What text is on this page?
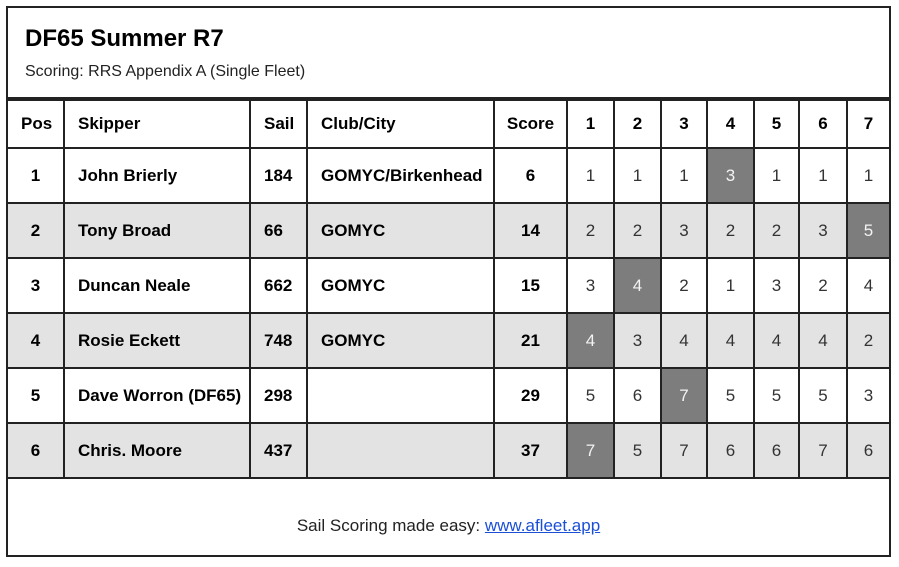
DF65 Summer R7
Scoring: RRS Appendix A (Single Fleet)
Pos	Skipper	Sail	Club/City	Score	1	2	3	4	5	6	7
1	John Brierly	184	GOMYC/Birkenhead	6	1	1	1	3	1	1	1
2	Tony Broad	66	GOMYC	14	2	2	3	2	2	3	5
3	Duncan Neale	662	GOMYC	15	3	4	2	1	3	2	4
4	Rosie Eckett	748	GOMYC	21	4	3	4	4	4	4	2
5	Dave Worron (DF65)	298		29	5	6	7	5	5	5	3
6	Chris. Moore	437		37	7	5	7	6	6	7	6
Sail Scoring made easy: www.afleet.app
